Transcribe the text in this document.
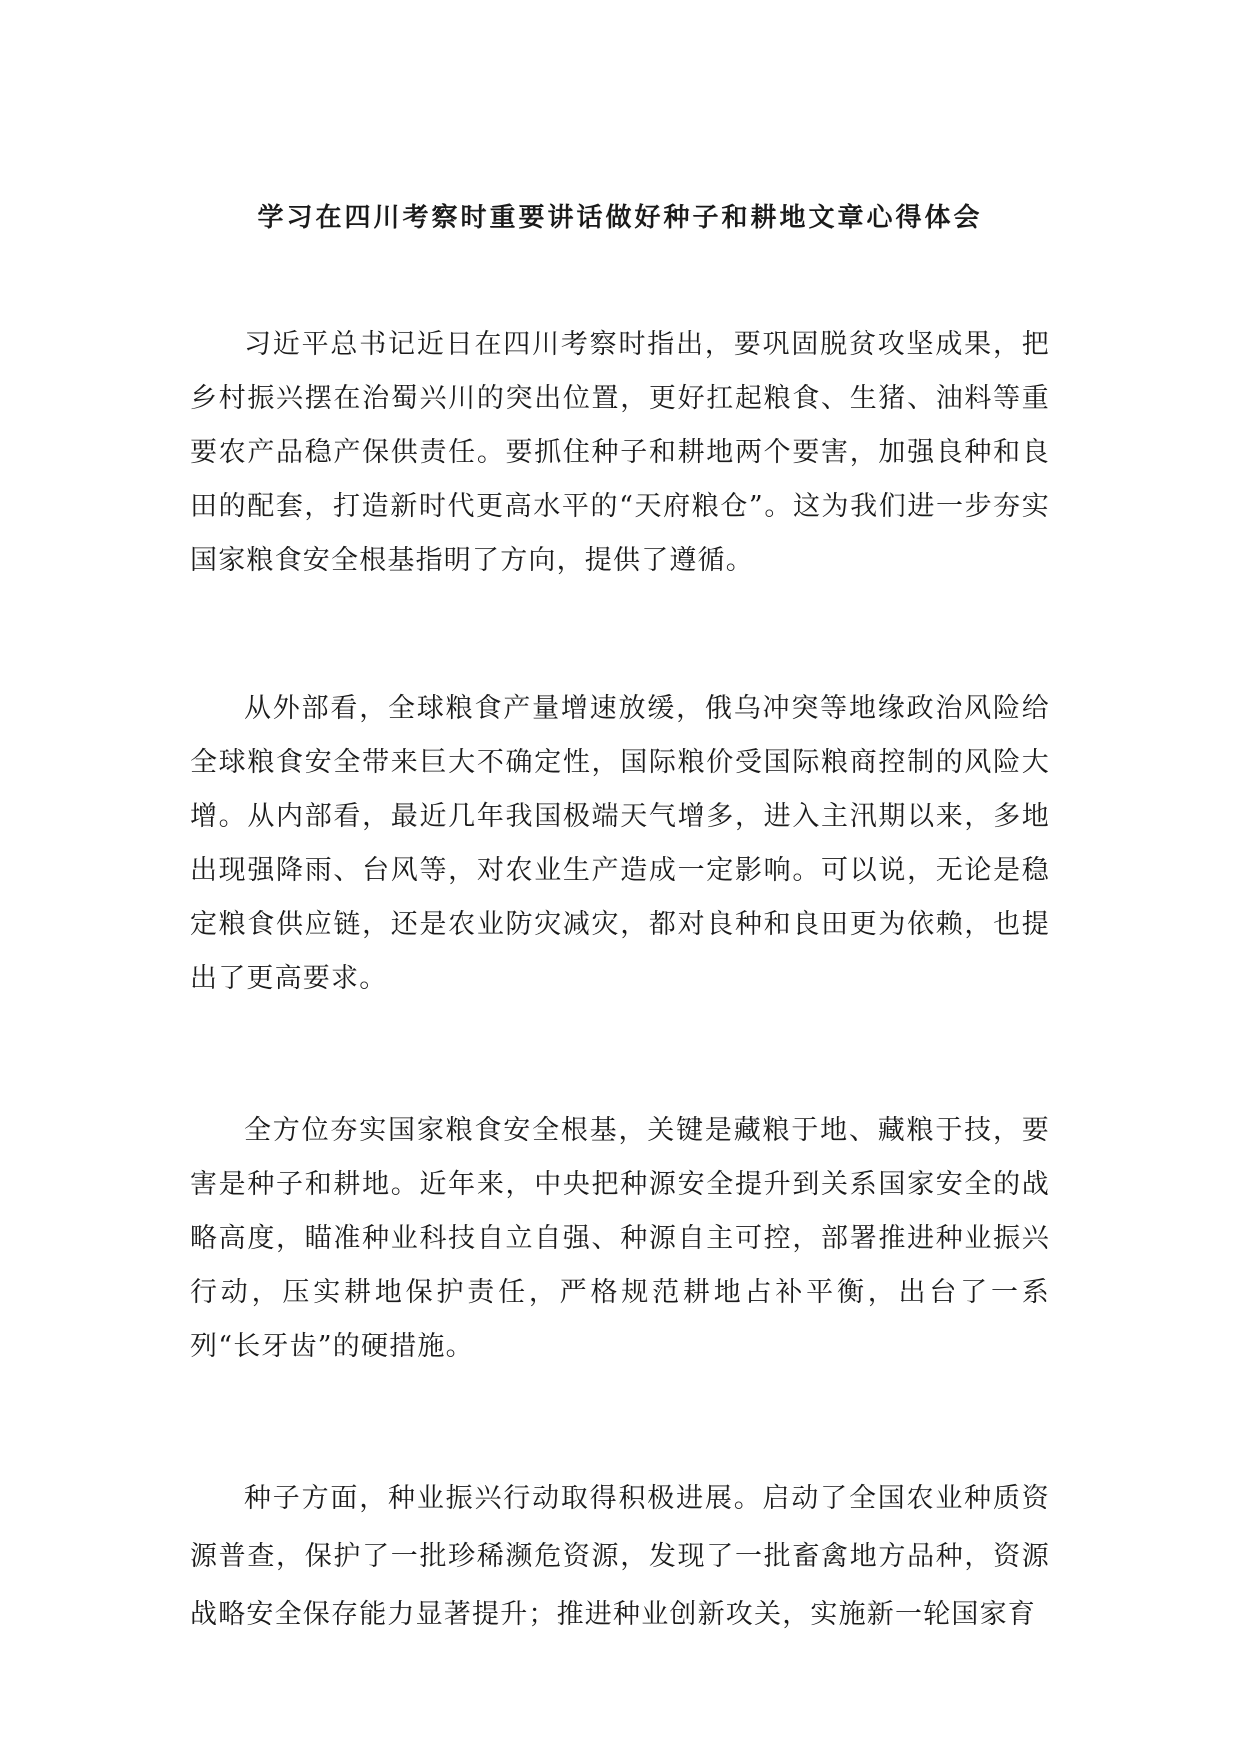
学习在四川考察时重要讲话做好种子和耕地文章心得体会

习近平总书记近日在四川考察时指出，要巩固脱贫攻坚成果，把乡村振兴摆在治蜀兴川的突出位置，更好扛起粮食、生猪、油料等重要农产品稳产保供责任。要抓住种子和耕地两个要害，加强良种和良田的配套，打造新时代更高水平的“天府粮仓”。这为我们进一步夯实国家粮食安全根基指明了方向，提供了遵循。

从外部看，全球粮食产量增速放缓，俄乌冲突等地缘政治风险给全球粮食安全带来巨大不确定性，国际粮价受国际粮商控制的风险大增。从内部看，最近几年我国极端天气增多，进入主汛期以来，多地出现强降雨、台风等，对农业生产造成一定影响。可以说，无论是稳定粮食供应链，还是农业防灾减灾，都对良种和良田更为依赖，也提出了更高要求。

全方位夯实国家粮食安全根基，关键是藏粮于地、藏粮于技，要害是种子和耕地。近年来，中央把种源安全提升到关系国家安全的战略高度，瞄准种业科技自立自强、种源自主可控，部署推进种业振兴行动，压实耕地保护责任，严格规范耕地占补平衡，出台了一系列“长牙齿”的硬措施。

种子方面，种业振兴行动取得积极进展。启动了全国农业种质资源普查，保护了一批珍稀濒危资源，发现了一批畜禽地方品种，资源战略安全保存能力显著提升；推进种业创新攻关，实施新一轮国家育
